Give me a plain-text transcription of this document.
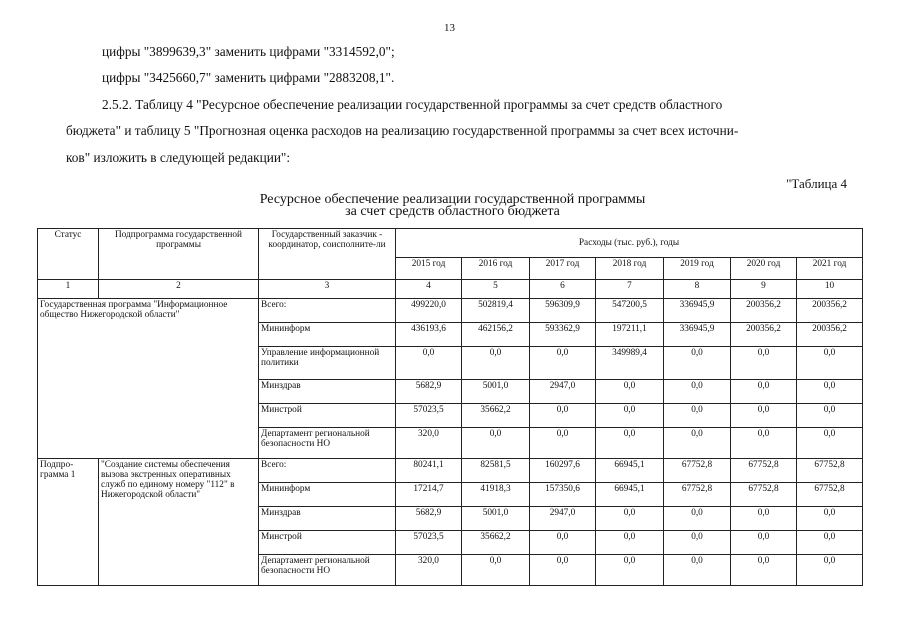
13
цифры "3899639,3" заменить цифрами "3314592,0";
цифры "3425660,7" заменить цифрами "2883208,1".
2.5.2. Таблицу 4 "Ресурсное обеспечение реализации государственной программы за счет средств областного
бюджета" и таблицу 5 "Прогнозная оценка расходов на реализацию государственной программы за счет всех источни-
ков" изложить в следующей редакции":
"Таблица 4
Ресурсное обеспечение реализации государственной программы
за счет средств областного бюджета
Статус	Подпрограмма государственной программы	Государственный заказчик - координатор, соисполните-ли	Расходы (тыс. руб.), годы						
			2015 год	2016 год	2017 год	2018 год	2019 год	2020 год	2021 год
1	2	3	4	5	6	7	8	9	10
Государственная программа "Информационное общество Нижегородской области"		Всего:	499220,0	502819,4	596309,9	547200,5	336945,9	200356,2	200356,2
		Мининформ	436193,6	462156,2	593362,9	197211,1	336945,9	200356,2	200356,2
		Управление информационной политики	0,0	0,0	0,0	349989,4	0,0	0,0	0,0
		Минздрав	5682,9	5001,0	2947,0	0,0	0,0	0,0	0,0
		Минстрой	57023,5	35662,2	0,0	0,0	0,0	0,0	0,0
		Департамент региональной безопасности НО	320,0	0,0	0,0	0,0	0,0	0,0	0,0
Подпро-грамма 1	"Создание системы обеспечения вызова экстренных оперативных служб по единому номеру "112" в Нижегородской области"	Всего:	80241,1	82581,5	160297,6	66945,1	67752,8	67752,8	67752,8
		Мининформ	17214,7	41918,3	157350,6	66945,1	67752,8	67752,8	67752,8
		Минздрав	5682,9	5001,0	2947,0	0,0	0,0	0,0	0,0
		Минстрой	57023,5	35662,2	0,0	0,0	0,0	0,0	0,0
		Департамент региональной безопасности НО	320,0	0,0	0,0	0,0	0,0	0,0	0,0
